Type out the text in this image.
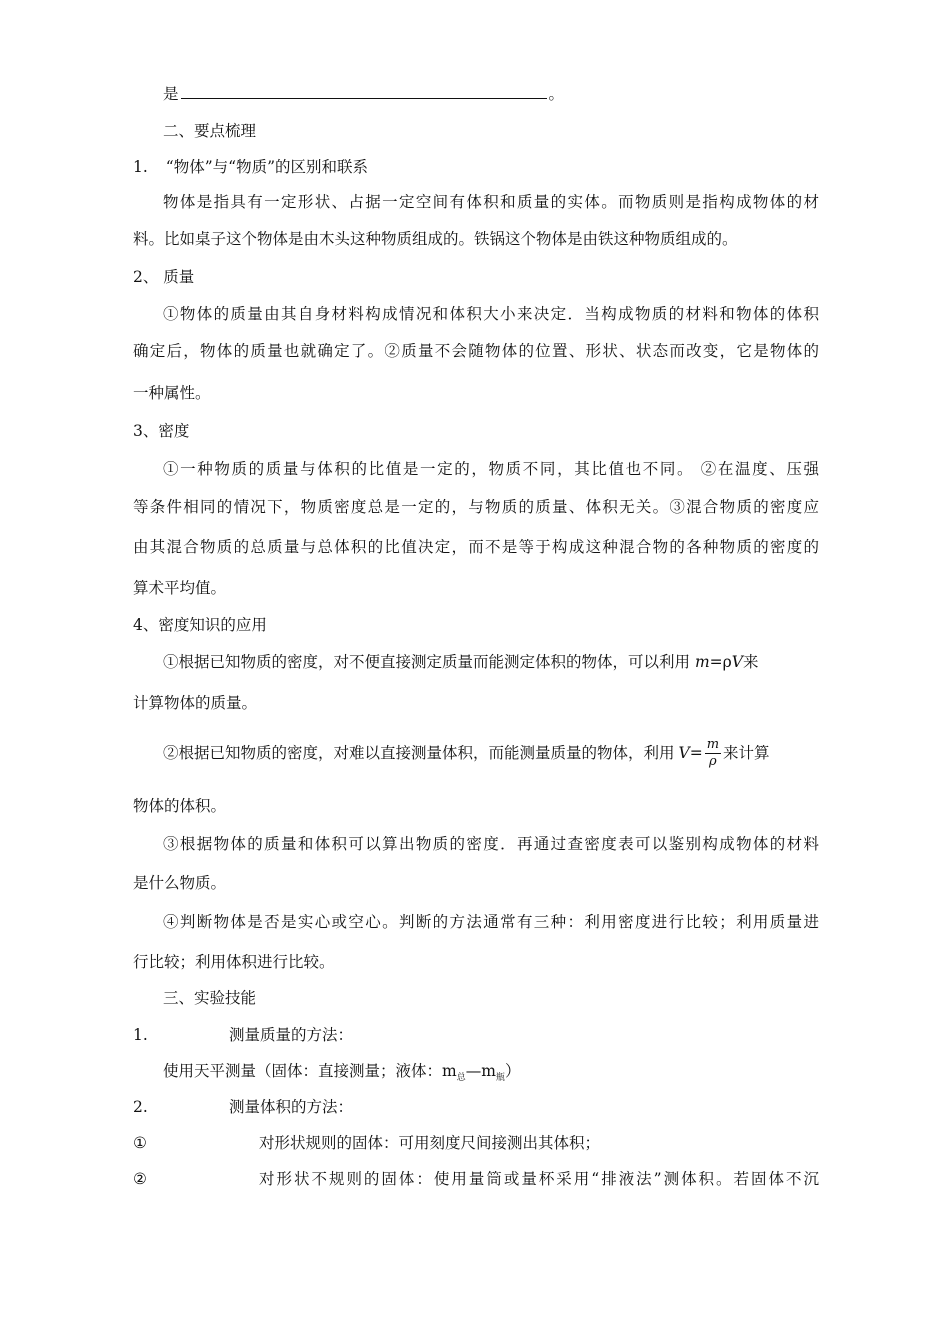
是	。
二、要点梳理
1. “物体”与“物质”的区别和联系
物体是指具有一定形状、占据一定空间有体积和质量的实体。而物质则是指构成物体的材
料。比如桌子这个物体是由木头这种物质组成的。铁锅这个物体是由铁这种物质组成的。
2、 质量
①物体的质量由其自身材料构成情况和体积大小来决定．当构成物质的材料和物体的体积
确定后，物体的质量也就确定了。②质量不会随物体的位置、形状、状态而改变，它是物体的
一种属性。
3、密度
①一种物质的质量与体积的比值是一定的，物质不同，其比值也不同。 ②在温度、压强
等条件相同的情况下，物质密度总是一定的，与物质的质量、体积无关。③混合物质的密度应
由其混合物质的总质量与总体积的比值决定，而不是等于构成这种混合物的各种物质的密度的
算术平均值。
4、密度知识的应用
①根据已知物质的密度，对不便直接测定质量而能测定体积的物体，可以利用 m=ρV来
计算物体的质量。
②根据已知物质的密度，对难以直接测量体积，而能测量质量的物体，利用 $V = \frac{m}{\rho}$ 来计算
物体的体积。
③根据物体的质量和体积可以算出物质的密度．再通过查密度表可以鉴别构成物体的材料
是什么物质。
④判断物体是否是实心或空心。判断的方法通常有三种：利用密度进行比较；利用质量进
行比较；利用体积进行比较。
三、实验技能
1.	测量质量的方法：
使用天平测量（固体：直接测量；液体：$m_总—m_瓶$）
2.	测量体积的方法：
①	对形状规则的固体：可用刻度尺间接测出其体积；
②	对形状不规则的固体：使用量筒或量杯采用“排液法”测体积。若固体不沉
